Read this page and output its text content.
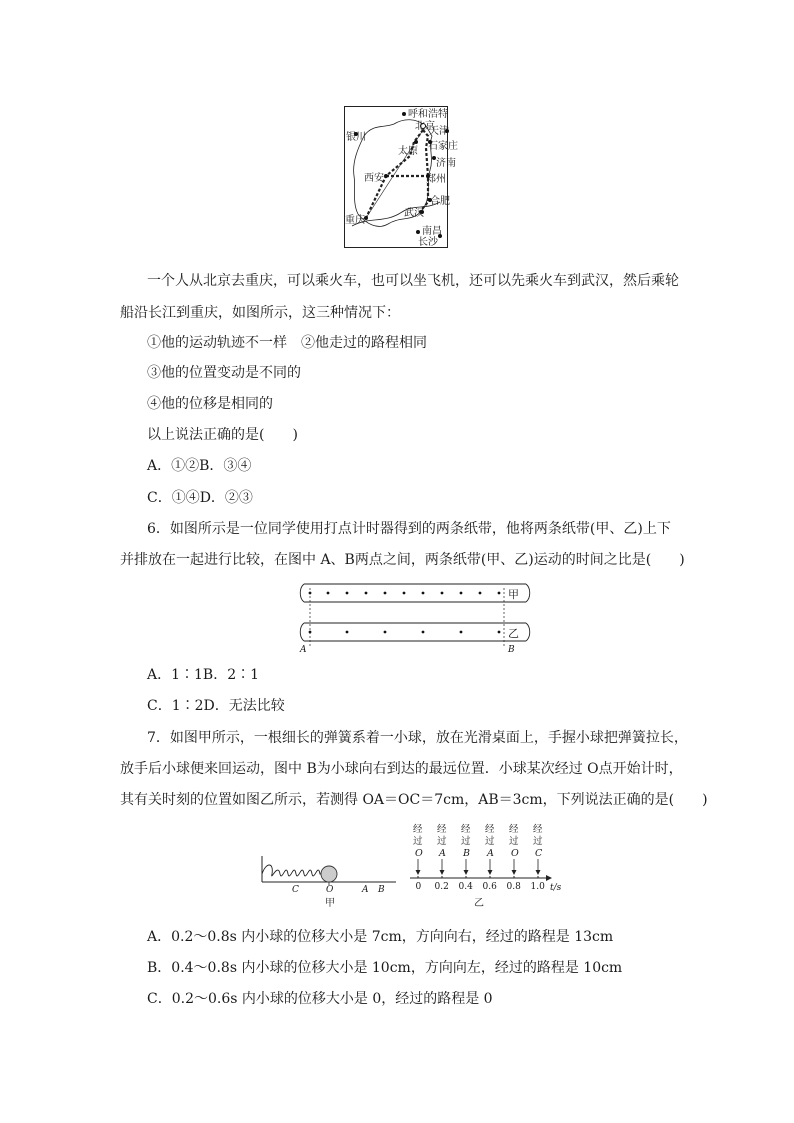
呼和浩特
北京
天津
银川
太原 石家庄
济南
西安	郑州
合肥
武汉
重庆
南昌
长沙
一个人从北京去重庆，可以乘火车，也可以坐飞机，还可以先乘火车到武汉，然后乘轮
船沿长江到重庆，如图所示，这三种情况下：
①他的运动轨迹不一样　②他走过的路程相同
③他的位置变动是不同的
④他的位移是相同的
以上说法正确的是(　　)
A．①②B．③④
C．①④D．②③
6．如图所示是一位同学使用打点计时器得到的两条纸带，他将两条纸带(甲、乙)上下
并排放在一起进行比较，在图中 A、B两点之间，两条纸带(甲、乙)运动的时间之比是(　　)
甲
乙
A	B
A．1∶1B．2∶1
C．1∶2D．无法比较
7．如图甲所示，一根细长的弹簧系着一小球，放在光滑桌面上，手握小球把弹簧拉长，
放手后小球便来回运动，图中 B为小球向右到达的最远位置．小球某次经过 O点开始计时，
其有关时刻的位置如图乙所示，若测得 OA＝OC＝7cm，AB＝3cm，下列说法正确的是(　　)
C	O	A B
甲
经
过
O
经
过
A
经
过
B
经
过
A
经
过
O
经
过
C
0 0.2 0.4 0.6 0.8 1.0 t/s
乙
A．0.2～0.8s 内小球的位移大小是 7cm，方向向右，经过的路程是 13cm
B．0.4～0.8s 内小球的位移大小是 10cm，方向向左，经过的路程是 10cm
C．0.2～0.6s 内小球的位移大小是 0，经过的路程是 0
